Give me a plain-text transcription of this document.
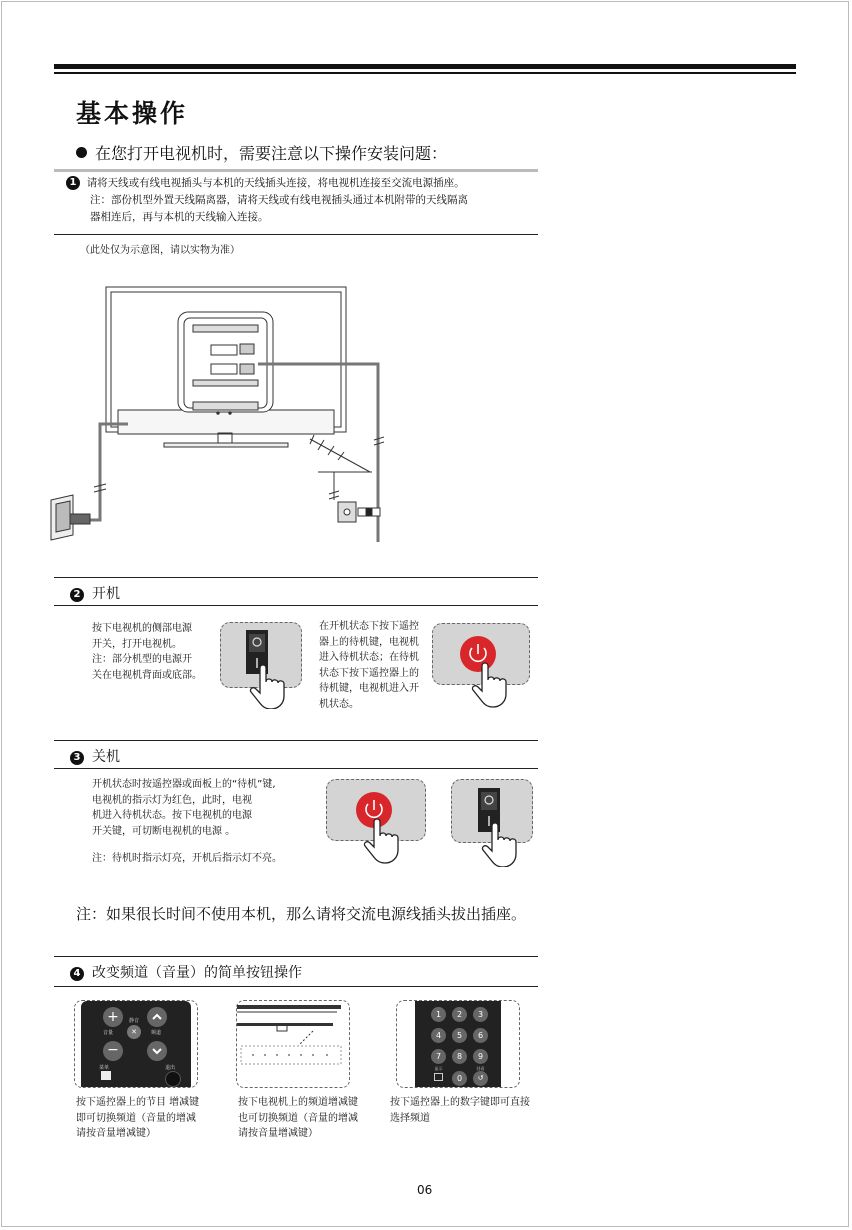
基本操作
在您打开电视机时，需要注意以下操作安装问题：
1 请将天线或有线电视插头与本机的天线插头连接，将电视机连接至交流电源插座。
注：部份机型外置天线隔离器，请将天线或有线电视插头通过本机附带的天线隔离
器相连后，再与本机的天线输入连接。
（此处仅为示意图，请以实物为准）
2 开机
按下电视机的侧部电源
开关，打开电视机。
注：部分机型的电源开
关在电视机背面或底部。
在开机状态下按下遥控
器上的待机键，电视机
进入待机状态；在待机
状态下按下遥控器上的
待机键，电视机进入开
机状态。
3 关机
开机状态时按遥控器或面板上的“待机”键,
电视机的指示灯为红色，此时，电视
机进入待机状态。按下电视机的电源
开关键，可切断电视机的电源 。
注：待机时指示灯亮，开机后指示灯不亮。
注：如果很长时间不使用本机，那么请将交流电源线插头拔出插座。
4 改变频道（音量）的简单按钮操作
+
−
✕
音量
静音
频道
菜单	退出
1	2	3
4	5	6
7	8	9
显示	回看
0	↺
按下遥控器上的节目 增减键
即可切换频道（音量的增减
请按音量增减键）
按下电视机上的频道增减键
也可切换频道（音量的增减
请按音量增减键）
按下遥控器上的数字键即可直接
选择频道
06
